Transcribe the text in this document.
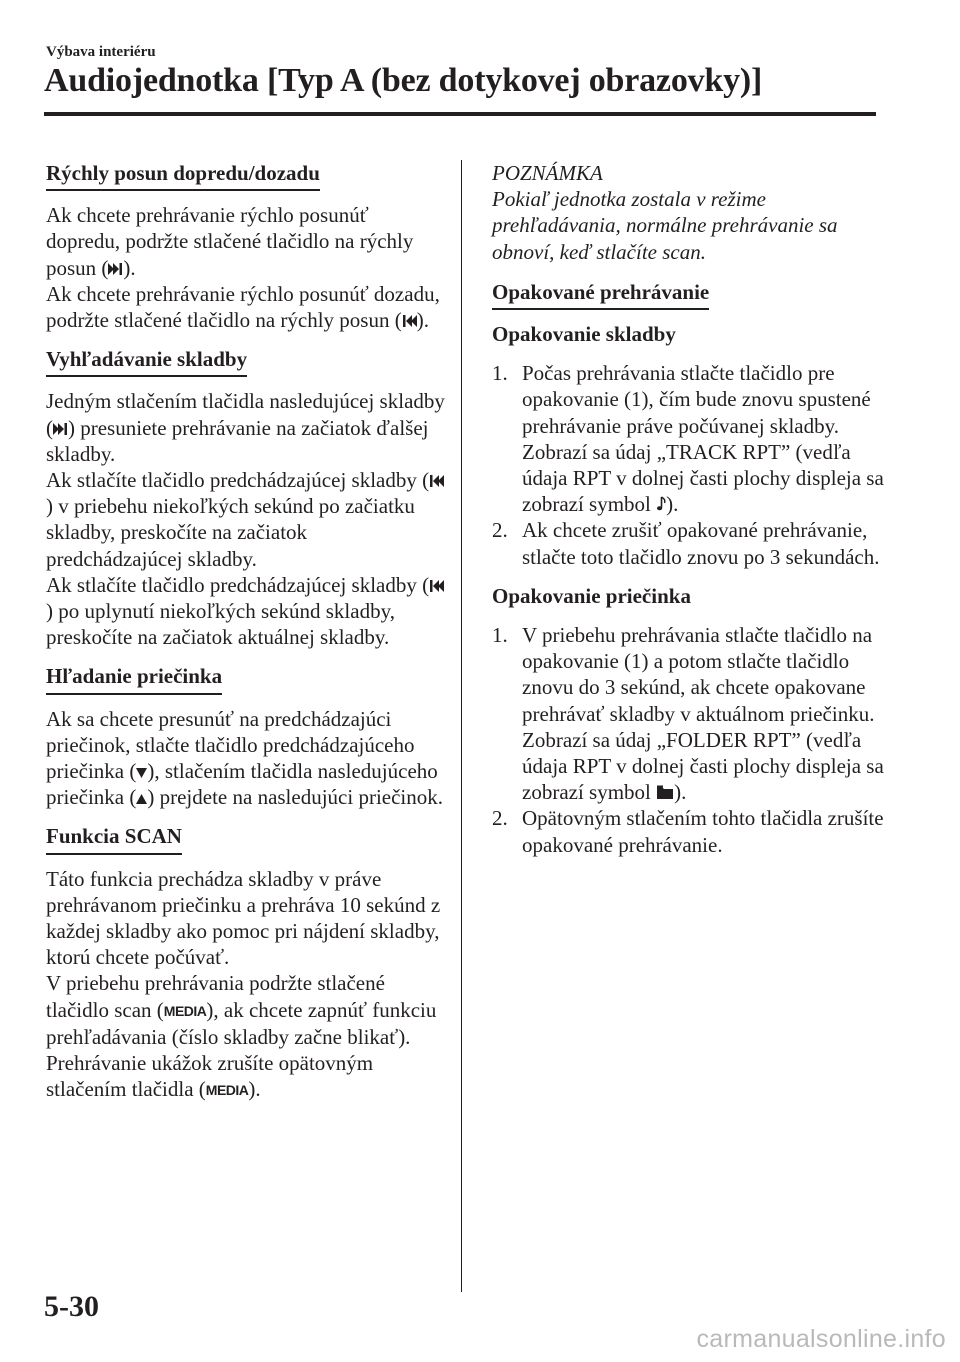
Výbava interiéru
Audiojednotka [Typ A (bez dotykovej obrazovky)]
Rýchly posun dopredu/dozadu
Ak chcete prehrávanie rýchlo posunúť dopredu, podržte stlačené tlačidlo na rýchly posun ( ).
Ak chcete prehrávanie rýchlo posunúť dozadu, podržte stlačené tlačidlo na rýchly posun ( ).
Vyhľadávanie skladby
Jedným stlačením tlačidla nasledujúcej skladby ( ) presuniete prehrávanie na začiatok ďalšej skladby.
Ak stlačíte tlačidlo predchádzajúcej skladby () v priebehu niekoľkých sekúnd po začiatku skladby, preskočíte na začiatok predchádzajúcej skladby.
Ak stlačíte tlačidlo predchádzajúcej skladby () po uplynutí niekoľkých sekúnd skladby, preskočíte na začiatok aktuálnej skladby.
Hľadanie priečinka
Ak sa chcete presunúť na predchádzajúci priečinok, stlačte tlačidlo predchádzajúceho priečinka ( ), stlačením tlačidla nasledujúceho priečinka ( ) prejdete na nasledujúci priečinok.
Funkcia SCAN
Táto funkcia prechádza skladby v práve prehrávanom priečinku a prehráva 10 sekúnd z každej skladby ako pomoc pri nájdení skladby, ktorú chcete počúvať.
V priebehu prehrávania podržte stlačené tlačidlo scan (MEDIA), ak chcete zapnúť funkciu prehľadávania (číslo skladby začne blikať). Prehrávanie ukážok zrušíte opätovným stlačením tlačidla (MEDIA).
POZNÁMKA
Pokiaľ jednotka zostala v režime prehľadávania, normálne prehrávanie sa obnoví, keď stlačíte scan.
Opakované prehrávanie
Opakovanie skladby
1. Počas prehrávania stlačte tlačidlo pre opakovanie (1), čím bude znovu spustené prehrávanie práve počúvanej skladby. Zobrazí sa údaj „TRACK RPT” (vedľa údaja RPT v dolnej časti plochy displeja sa zobrazí symbol ).
2. Ak chcete zrušiť opakované prehrávanie, stlačte toto tlačidlo znovu po 3 sekundách.
Opakovanie priečinka
1. V priebehu prehrávania stlačte tlačidlo na opakovanie (1) a potom stlačte tlačidlo znovu do 3 sekúnd, ak chcete opakovane prehrávať skladby v aktuálnom priečinku. Zobrazí sa údaj „FOLDER RPT” (vedľa údaja RPT v dolnej časti plochy displeja sa zobrazí symbol ).
2. Opätovným stlačením tohto tlačidla zrušíte opakované prehrávanie.
5-30
carmanualsonline.info
